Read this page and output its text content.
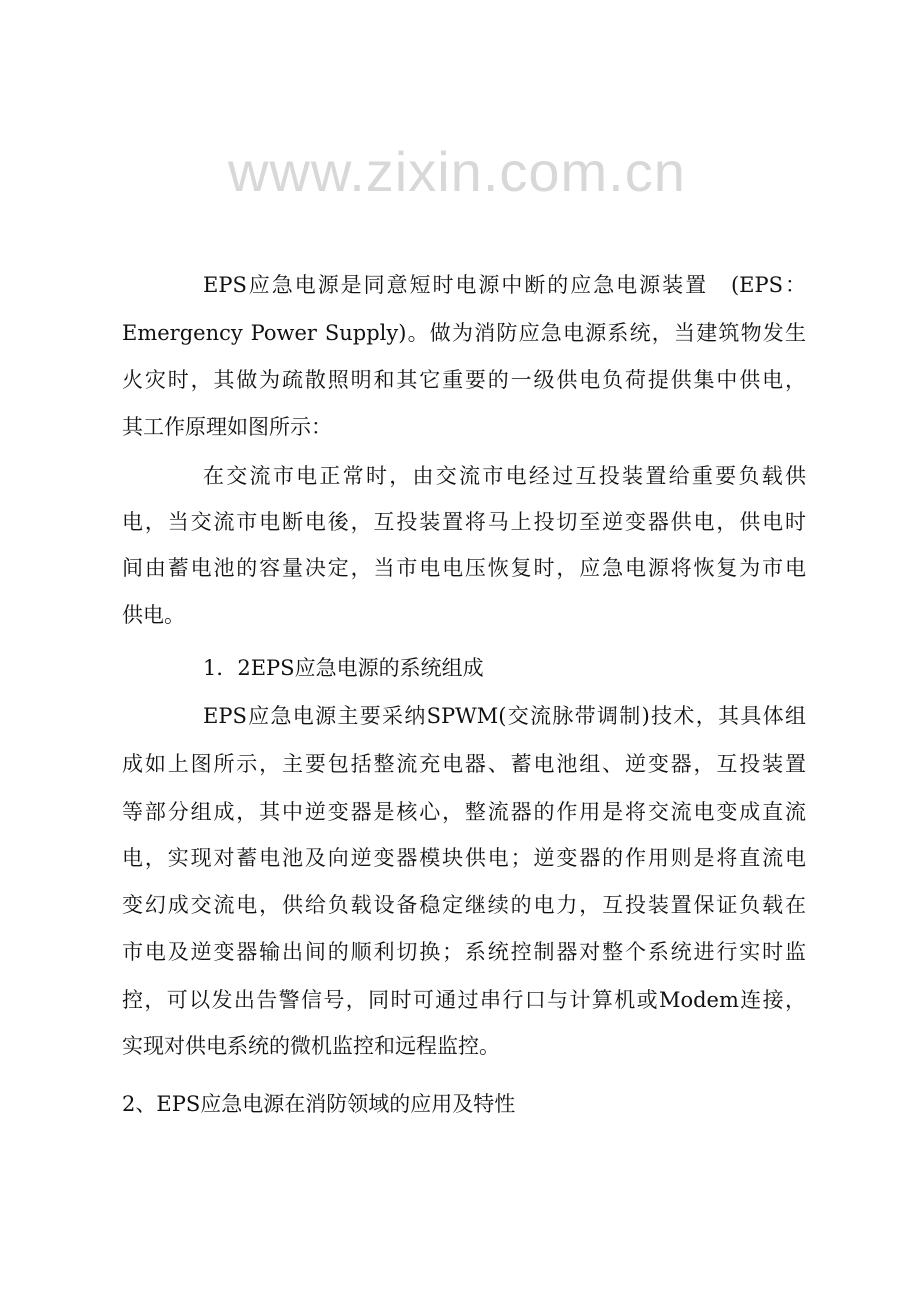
www.zixin.com.cn
EPS应急电源是同意短时电源中断的应急电源装置　(EPS：
Emergency Power Supply)。做为消防应急电源系统，当建筑物发生
火灾时，其做为疏散照明和其它重要的一级供电负荷提供集中供电，
其工作原理如图所示：
在交流市电正常时，由交流市电经过互投装置给重要负载供
电，当交流市电断电後，互投装置将马上投切至逆变器供电，供电时
间由蓄电池的容量决定，当市电电压恢复时，应急电源将恢复为市电
供电。
1．2EPS应急电源的系统组成
EPS应急电源主要采纳SPWM(交流脉带调制)技术，其具体组
成如上图所示，主要包括整流充电器、蓄电池组、逆变器，互投装置
等部分组成，其中逆变器是核心，整流器的作用是将交流电变成直流
电，实现对蓄电池及向逆变器模块供电；逆变器的作用则是将直流电
变幻成交流电，供给负载设备稳定继续的电力，互投装置保证负载在
市电及逆变器输出间的顺利切换；系统控制器对整个系统进行实时监
控，可以发出告警信号，同时可通过串行口与计算机或Modem连接，
实现对供电系统的微机监控和远程监控。
2、EPS应急电源在消防领域的应用及特性
